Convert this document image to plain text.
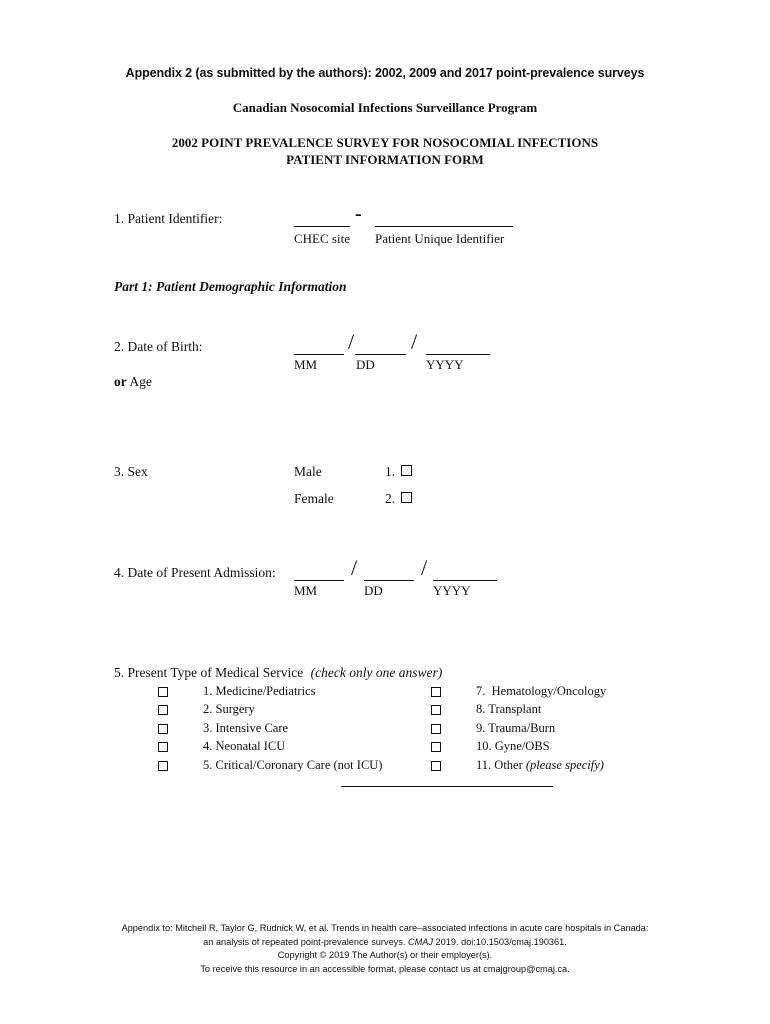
Appendix 2 (as submitted by the authors): 2002, 2009 and 2017 point-prevalence surveys
Canadian Nosocomial Infections Surveillance Program
2002 POINT PREVALENCE SURVEY FOR NOSOCOMIAL INFECTIONS
PATIENT INFORMATION FORM
1. Patient Identifier:	-
CHEC site Patient Unique Identifier
Part 1: Patient Demographic Information
2. Date of Birth:	/	/
MM	DD	YYYY
or Age
3. Sex	Male	1.
Female	2.
4. Date of Present Admission:	/	/
MM	DD	YYYY
5. Present Type of Medical Service (check only one answer)
1. Medicine/Pediatrics
2. Surgery
3. Intensive Care
4. Neonatal ICU
5. Critical/Coronary Care (not ICU)
7.  Hematology/Oncology
8. Transplant
9. Trauma/Burn
10. Gyne/OBS
11. Other (please specify)
Appendix to: Mitchell R, Taylor G, Rudnick W, et al. Trends in health care–associated infections in acute care hospitals in Canada:
an analysis of repeated point-prevalence surveys. CMAJ 2019. doi:10.1503/cmaj.190361.
Copyright © 2019 The Author(s) or their employer(s).
To receive this resource in an accessible format, please contact us at cmajgroup@cmaj.ca.
